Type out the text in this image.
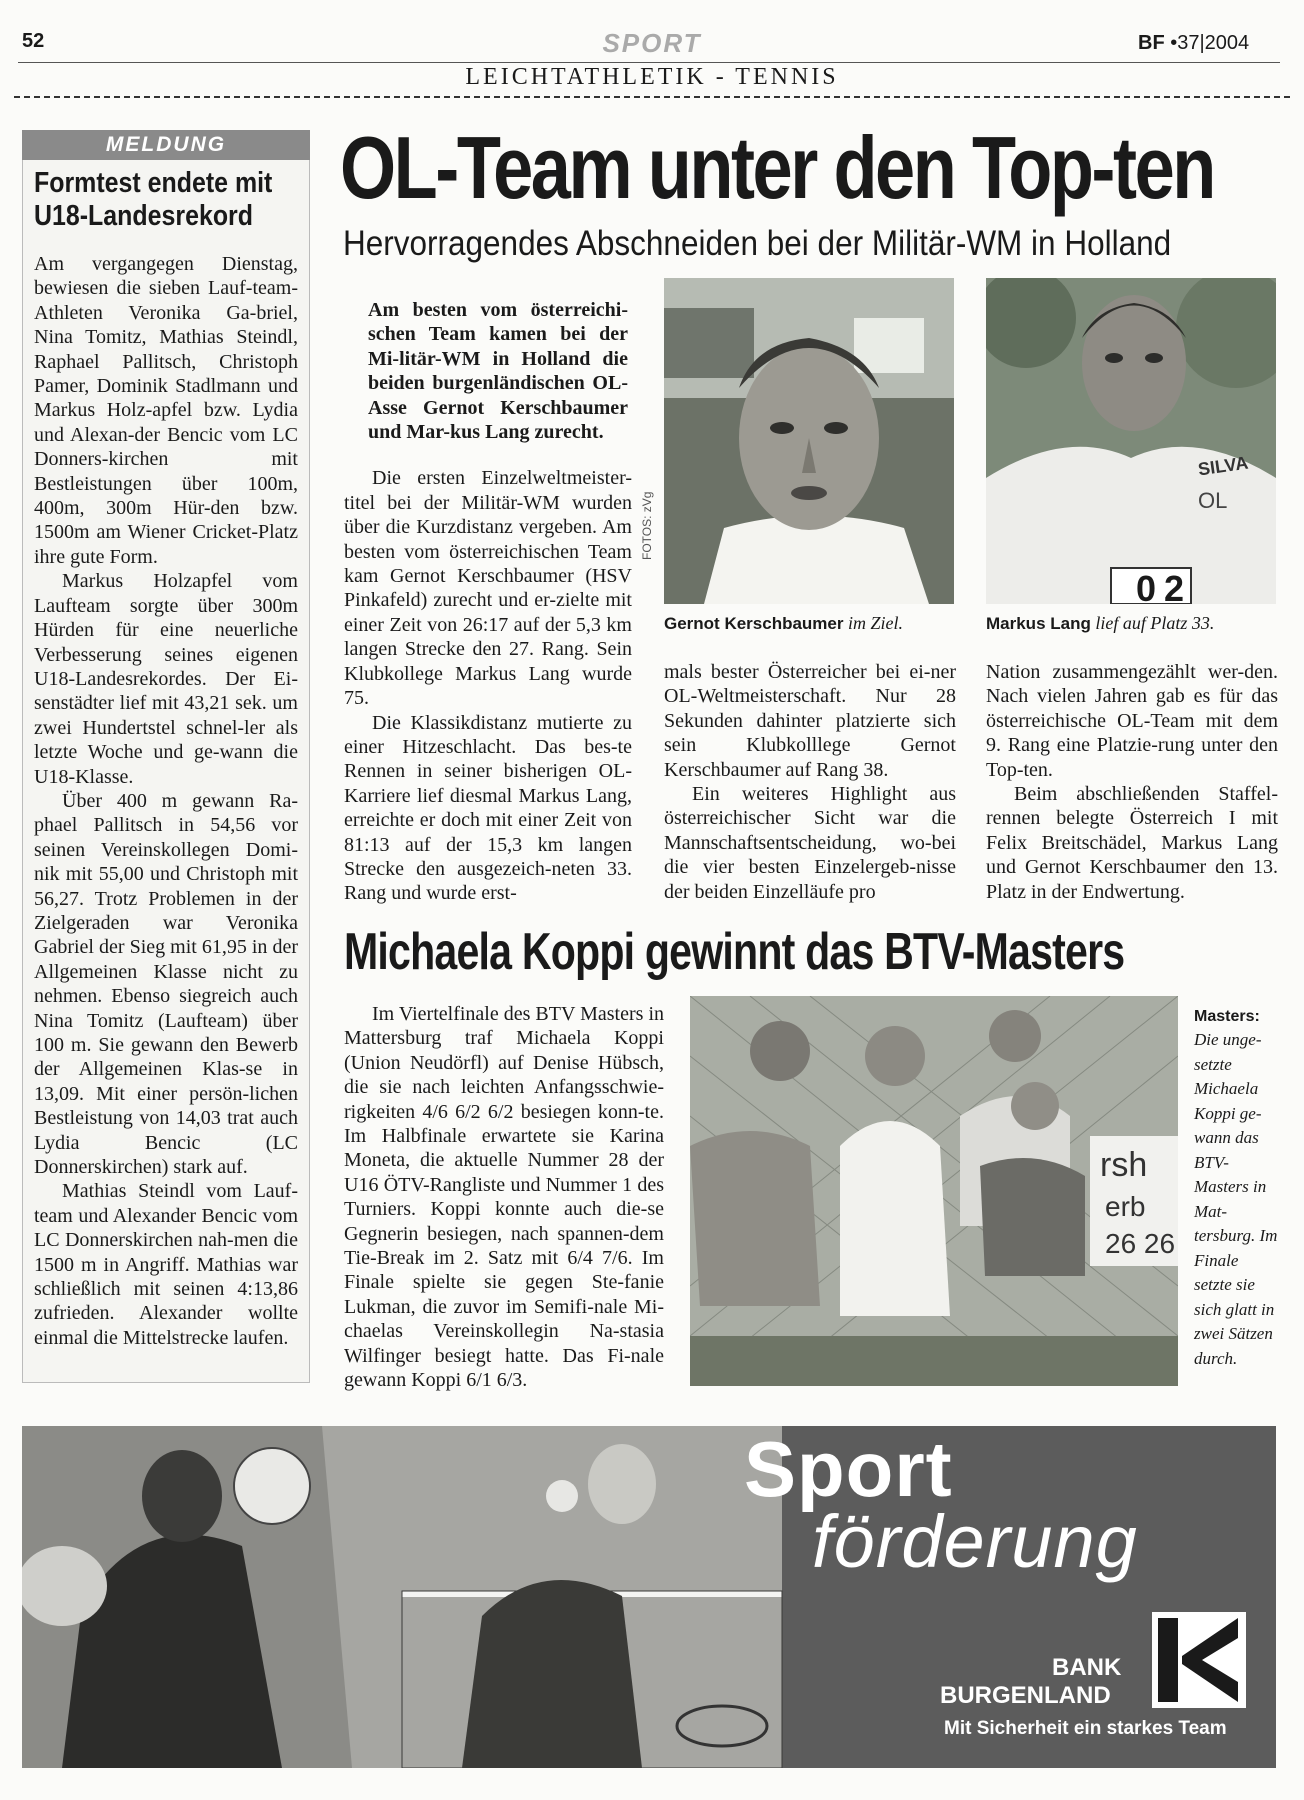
52	SPORT	BF •37|2004
LEICHTATHLETIK - TENNIS
MELDUNG
Formtest endete mit U18-Landesrekord

Am vergangegen Dienstag, bewiesen die sieben Lauf-team-Athleten Veronika Ga-briel, Nina Tomitz, Mathias Steindl, Raphael Pallitsch, Christoph Pamer, Dominik Stadlmann und Markus Holz-apfel bzw. Lydia und Alexan-der Bencic vom LC Donners-kirchen mit Bestleistungen über 100m, 400m, 300m Hür-den bzw. 1500m am Wiener Cricket-Platz ihre gute Form.

Markus Holzapfel vom Laufteam sorgte über 300m Hürden für eine neuerliche Verbesserung seines eigenen U18-Landesrekordes. Der Ei-senstädter lief mit 43,21 sek. um zwei Hundertstel schnel-ler als letzte Woche und ge-wann die U18-Klasse.

Über 400 m gewann Ra-phael Pallitsch in 54,56 vor seinen Vereinskollegen Domi-nik mit 55,00 und Christoph mit 56,27. Trotz Problemen in der Zielgeraden war Veronika Gabriel der Sieg mit 61,95 in der Allgemeinen Klasse nicht zu nehmen. Ebenso siegreich auch Nina Tomitz (Laufteam) über 100 m. Sie gewann den Bewerb der Allgemeinen Klas-se in 13,09. Mit einer persön-lichen Bestleistung von 14,03 trat auch Lydia Bencic (LC Donnerskirchen) stark auf.

Mathias Steindl vom Lauf-team und Alexander Bencic vom LC Donnerskirchen nah-men die 1500 m in Angriff. Mathias war schließlich mit seinen 4:13,86 zufrieden. Alexander wollte einmal die Mittelstrecke laufen.

OL-Team unter den Top-ten
Hervorragendes Abschneiden bei der Militär-WM in Holland

Am besten vom österreichi-schen Team kamen bei der Mi-litär-WM in Holland die beiden burgenländischen OL-Asse Gernot Kerschbaumer und Mar-kus Lang zurecht.

Die ersten Einzelweltmeister-titel bei der Militär-WM wurden über die Kurzdistanz vergeben. Am besten vom österreichischen Team kam Gernot Kerschbaumer (HSV Pinkafeld) zurecht und er-zielte mit einer Zeit von 26:17 auf der 5,3 km langen Strecke den 27. Rang. Sein Klubkollege Markus Lang wurde 75.

Die Klassikdistanz mutierte zu einer Hitzeschlacht. Das bes-te Rennen in seiner bisherigen OL-Karriere lief diesmal Markus Lang, erreichte er doch mit einer Zeit von 81:13 auf der 15,3 km langen Strecke den ausgezeich-neten 33. Rang und wurde erst-

FOTOS: zVg
Gernot Kerschbaumer im Ziel.
SILVA
OL
02
Markus Lang lief auf Platz 33.

mals bester Österreicher bei ei-ner OL-Weltmeisterschaft. Nur 28 Sekunden dahinter platzierte sich sein Klubkolllege Gernot Kerschbaumer auf Rang 38.

Ein weiteres Highlight aus österreichischer Sicht war die Mannschaftsentscheidung, wo-bei die vier besten Einzelergeb-nisse der beiden Einzelläufe pro

Nation zusammengezählt wer-den. Nach vielen Jahren gab es für das österreichische OL-Team mit dem 9. Rang eine Platzie-rung unter den Top-ten.

Beim abschließenden Staffel-rennen belegte Österreich I mit Felix Breitschädel, Markus Lang und Gernot Kerschbaumer den 13. Platz in der Endwertung.

Michaela Koppi gewinnt das BTV-Masters

Im Viertelfinale des BTV Masters in Mattersburg traf Michaela Koppi (Union Neudörfl) auf Denise Hübsch, die sie nach leichten Anfangsschwie-rigkeiten 4/6 6/2 6/2 besiegen konn-te. Im Halbfinale erwartete sie Karina Moneta, die aktuelle Nummer 28 der U16 ÖTV-Rangliste und Nummer 1 des Turniers. Koppi konnte auch die-se Gegnerin besiegen, nach spannen-dem Tie-Break im 2. Satz mit 6/4 7/6. Im Finale spielte sie gegen Ste-fanie Lukman, die zuvor im Semifi-nale Mi-chaelas Vereinskollegin Na-stasia Wilfinger besiegt hatte. Das Fi-nale gewann Koppi 6/1 6/3.

rsh
erb
26 26
Masters: Die unge-setzte Michaela Koppi ge-wann das BTV-Masters in Mat-tersburg. Im Finale setzte sie sich glatt in zwei Sätzen durch.
Sport
förderung
BANK
BURGENLAND
Mit Sicherheit ein starkes Team
